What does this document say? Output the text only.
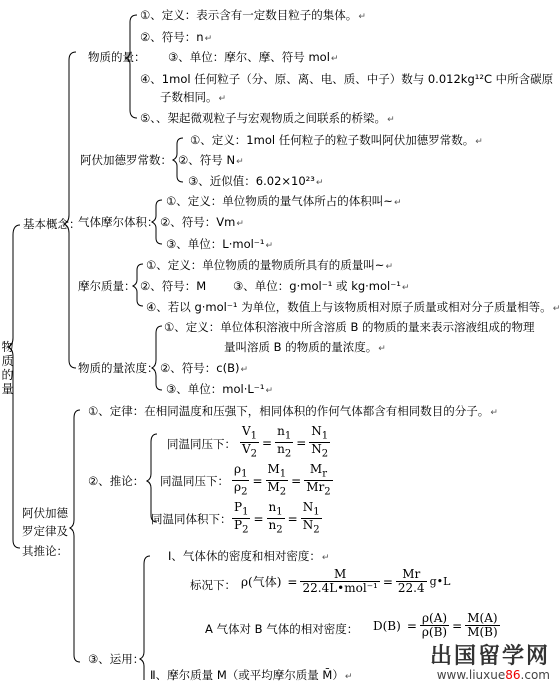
物质的量
基本概念：
物质的量：
①、定义：表示含有一定数目粒子的集体。↵
②、符号：n↵
③、单位：摩尔、摩、符号 mol↵
④、1mol 任何粒子（分、原、离、电、质、中子）数与 0.012kg¹²C 中所含碳原
子数相同。↵
⑤、、架起微观粒子与宏观物质之间联系的桥梁。↵
阿伏加德罗常数：
①、定义：1mol 任何粒子的粒子数叫阿伏加德罗常数。↵
②、符号 N↵
③、近似值：6.02×10²³↵
气体摩尔体积：
①、定义：单位物质的量气体所占的体积叫~↵
②、符号：Vm↵
③、单位：L·mol⁻¹↵
摩尔质量：
①、定义：单位物质的量物质所具有的质量叫~↵
②、符号：M ③、单位：g·mol⁻¹ 或 kg·mol⁻¹↵
④、若以 g·mol⁻¹ 为单位，数值上与该物质相对原子质量或相对分子质量相等。↵
物质的量浓度：
①、定义：单位体积溶液中所含溶质 B 的物质的量来表示溶液组成的物理
量叫溶质 B 的物质的量浓度。↵
②、符号：c(B)↵
③、单位：mol·L⁻¹↵
阿伏加德
罗定律及
其推论：
①、定律：在相同温度和压强下，相同体积的作何气体都含有相同数目的分子。↵
②、推论：
同温同压下： $\frac{V_1}{V_2} = \frac{n_1}{n_2} = \frac{N_1}{N_2}$
同温同压下： $\frac{\rho_1}{\rho_2} = \frac{M_1}{M_2} = \frac{M_r}{Mr_2}$
同温同体积下： $\frac{P_1}{P_2} = \frac{n_1}{n_2} = \frac{N_1}{N_2}$
③、运用：
Ⅰ、气体休的密度和相对密度：↵
标况下： ρ(气体) = $\frac{M}{\text{22.4L•mol⁻¹}} = \frac{Mr}{22.4}$ g•L
A 气体对 B 气体的相对密度： $D(B) = \frac{\rho(A)}{\rho(B)} = \frac{M(A)}{M(B)}$
Ⅱ、摩尔质量 M（或平均摩尔质量 M̄）↵
出国留学网
www.liuxue86.com
